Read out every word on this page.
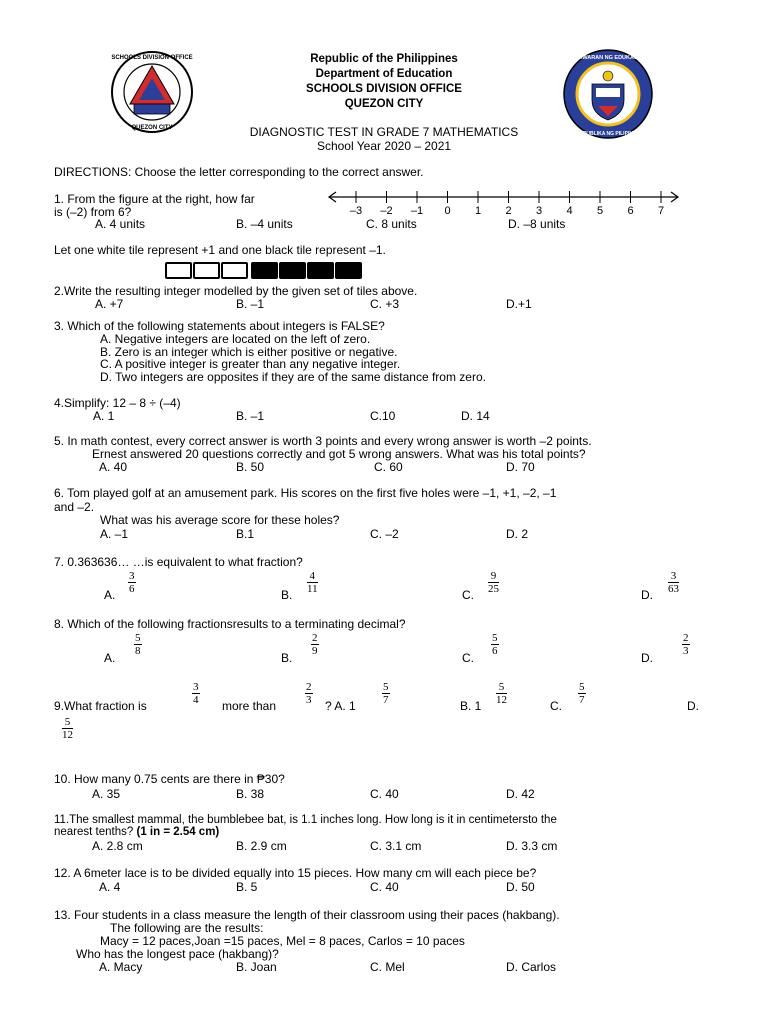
SCHOOLS DIVISION OFFICE
QUEZON CITY
KAGAWARAN NG EDUKASYON
REPUBLIKA NG PILIPINAS
Republic of the Philippines
Department of Education
SCHOOLS DIVISION OFFICE
QUEZON CITY
DIAGNOSTIC TEST IN GRADE 7 MATHEMATICS
School Year 2020 – 2021
DIRECTIONS: Choose the letter corresponding to the correct answer.
1. From the figure at the right, how far
is (–2) from 6?	–3 –2 –1 0 1 2 3 4 5 6 7
A. 4 units	B. –4 units	C. 8 units	D. –8 units
Let one white tile represent +1 and one black tile represent –1.
2.Write the resulting integer modelled by the given set of tiles above.
A. +7	B. –1	C. +3	D.+1
3. Which of the following statements about integers is FALSE?
A. Negative integers are located on the left of zero.
B. Zero is an integer which is either positive or negative.
C. A positive integer is greater than any negative integer.
D. Two integers are opposites if they are of the same distance from zero.
4.Simplify: 12 – 8 ÷ (–4)
A. 1	B. –1	C.10	D. 14
5. In math contest, every correct answer is worth 3 points and every wrong answer is worth –2 points.
Ernest answered 20 questions correctly and got 5 wrong answers. What was his total points?
A. 40	B. 50	C. 60	D. 70
6. Tom played golf at an amusement park. His scores on the first five holes were –1, +1, –2, –1
and –2.
What was his average score for these holes?
A. –1	B.1	C. –2	D. 2
7. 0.363636… …is equivalent to what fraction?
A. $\frac{3}{6}$	B. $\frac{4}{11}$	C. $\frac{9}{25}$	D. $\frac{3}{63}$
8. Which of the following fractionsresults to a terminating decimal?
A.
$\frac{5}{8}$
B.
$\frac{2}{9}$
C.
$\frac{5}{6}$
D.
$\frac{2}{3}$
9.What fraction is	$\frac{3}{4}$ more than	$\frac{2}{3}$ ? A. $1 \frac{5}{7}$	B. $1 \frac{5}{12}$	C. $\frac{5}{7}$	D.
$\frac{5}{12}$
10. How many 0.75 cents are there in ₱30?
A. 35	B. 38	C. 40	D. 42
11.The smallest mammal, the bumblebee bat, is 1.1 inches long. How long is it in centimetersto the
nearest tenths? (1 in = 2.54 cm)
A. 2.8 cm	B. 2.9 cm	C. 3.1 cm	D. 3.3 cm
12. A 6meter lace is to be divided equally into 15 pieces. How many cm will each piece be?
A. 4	B. 5	C. 40	D. 50
13. Four students in a class measure the length of their classroom using their paces (hakbang).
The following are the results:
Macy = 12 paces,Joan =15 paces, Mel = 8 paces, Carlos = 10 paces
Who has the longest pace (hakbang)?
A. Macy	B. Joan	C. Mel	D. Carlos
